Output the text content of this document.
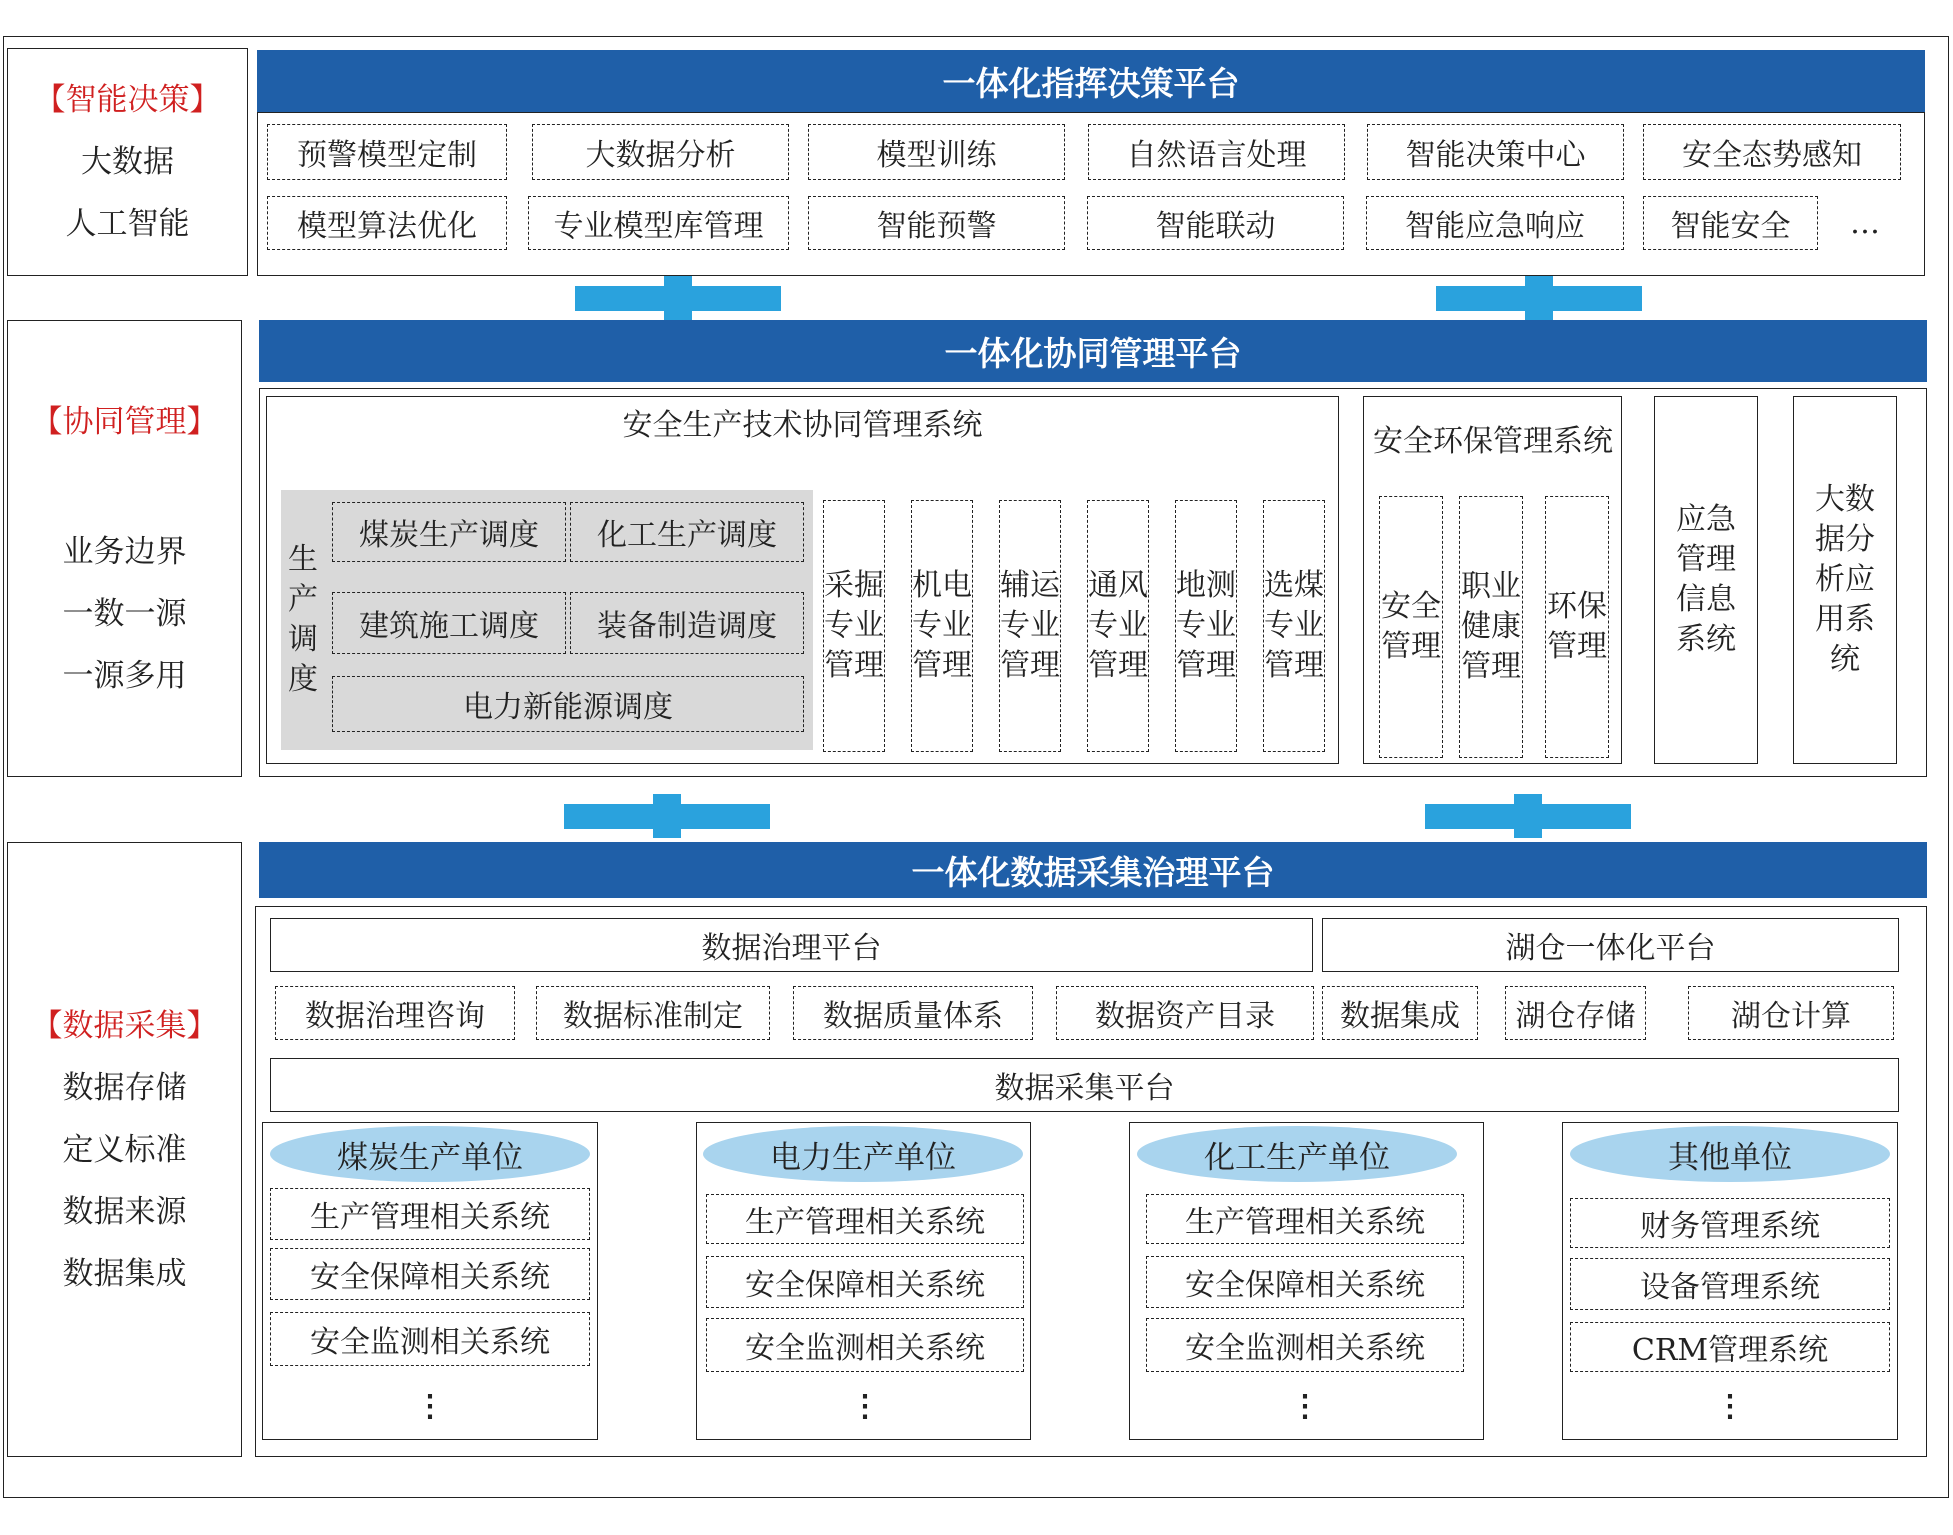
【智能决策】
大数据
人工智能
【协同管理】
业务边界
一数一源
一源多用
【数据采集】
数据存储
定义标准
数据来源
数据集成
一体化指挥决策平台
预警模型定制	大数据分析	模型训练	自然语言处理	智能决策中心	安全态势感知
模型算法优化	专业模型库管理	智能预警	智能联动	智能应急响应	智能安全	…
一体化协同管理平台
安全生产技术协同管理系统
生产调度
煤炭生产调度	化工生产调度
建筑施工调度	装备制造调度
电力新能源调度
采掘专业管理
机电专业管理
辅运专业管理
通风专业管理
地测专业管理
选煤专业管理
安全环保管理系统
安全管理
职业健康管理
环保管理
应急管理信息系统
大数据分析应用系统
一体化数据采集治理平台
数据治理平台	湖仓一体化平台
数据治理咨询	数据标准制定	数据质量体系	数据资产目录	数据集成	湖仓存储	湖仓计算
数据采集平台
煤炭生产单位
生产管理相关系统
安全保障相关系统
安全监测相关系统
⋮
电力生产单位
生产管理相关系统
安全保障相关系统
安全监测相关系统
⋮
化工生产单位
生产管理相关系统
安全保障相关系统
安全监测相关系统
⋮
其他单位
财务管理系统
设备管理系统
CRM管理系统
⋮
